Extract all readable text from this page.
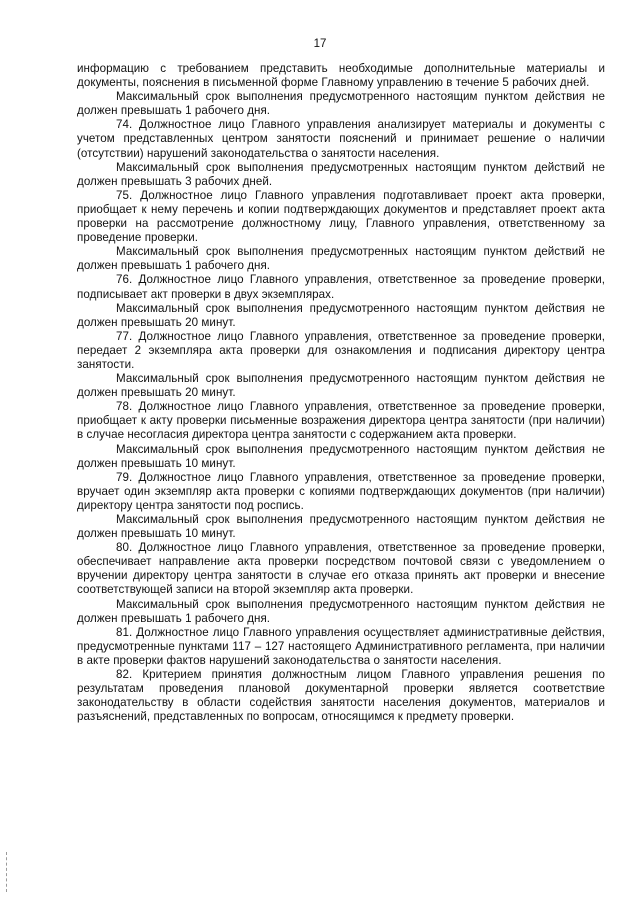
17

информацию с требованием представить необходимые дополнительные материалы и документы, пояснения в письменной форме Главному управлению в течение 5 рабочих дней.

Максимальный срок выполнения предусмотренного настоящим пунктом действия не должен превышать 1 рабочего дня.

74. Должностное лицо Главного управления анализирует материалы и документы с учетом представленных центром занятости пояснений и принимает решение о наличии (отсутствии) нарушений законодательства о занятости населения.

Максимальный срок выполнения предусмотренных настоящим пунктом действий не должен превышать 3 рабочих дней.

75. Должностное лицо Главного управления подготавливает проект акта проверки, приобщает к нему перечень и копии подтверждающих документов и представляет проект акта проверки на рассмотрение должностному лицу, Главного управления, ответственному за проведение проверки.

Максимальный срок выполнения предусмотренных настоящим пунктом действий не должен превышать 1 рабочего дня.

76. Должностное лицо Главного управления, ответственное за проведение проверки, подписывает акт проверки в двух экземплярах.

Максимальный срок выполнения предусмотренного настоящим пунктом действия не должен превышать 20 минут.

77. Должностное лицо Главного управления, ответственное за проведение проверки, передает 2 экземпляра акта проверки для ознакомления и подписания директору центра занятости.

Максимальный срок выполнения предусмотренного настоящим пунктом действия не должен превышать 20 минут.

78. Должностное лицо Главного управления, ответственное за проведение проверки, приобщает к акту проверки письменные возражения директора центра занятости (при наличии) в случае несогласия директора центра занятости с содержанием акта проверки.

Максимальный срок выполнения предусмотренного настоящим пунктом действия не должен превышать 10 минут.

79. Должностное лицо Главного управления, ответственное за проведение проверки, вручает один экземпляр акта проверки с копиями подтверждающих документов (при наличии) директору центра занятости под роспись.

Максимальный срок выполнения предусмотренного настоящим пунктом действия не должен превышать 10 минут.

80. Должностное лицо Главного управления, ответственное за проведение проверки, обеспечивает направление акта проверки посредством почтовой связи с уведомлением о вручении директору центра занятости в случае его отказа принять акт проверки и внесение соответствующей записи на второй экземпляр акта проверки.

Максимальный срок выполнения предусмотренного настоящим пунктом действия не должен превышать 1 рабочего дня.

81. Должностное лицо Главного управления осуществляет административные действия, предусмотренные пунктами 117 – 127 настоящего Административного регламента, при наличии в акте проверки фактов нарушений законодательства о занятости населения.

82. Критерием принятия должностным лицом Главного управления решения по результатам проведения плановой документарной проверки является соответствие законодательству в области содействия занятости населения документов, материалов и разъяснений, представленных по вопросам, относящимся к предмету проверки.
